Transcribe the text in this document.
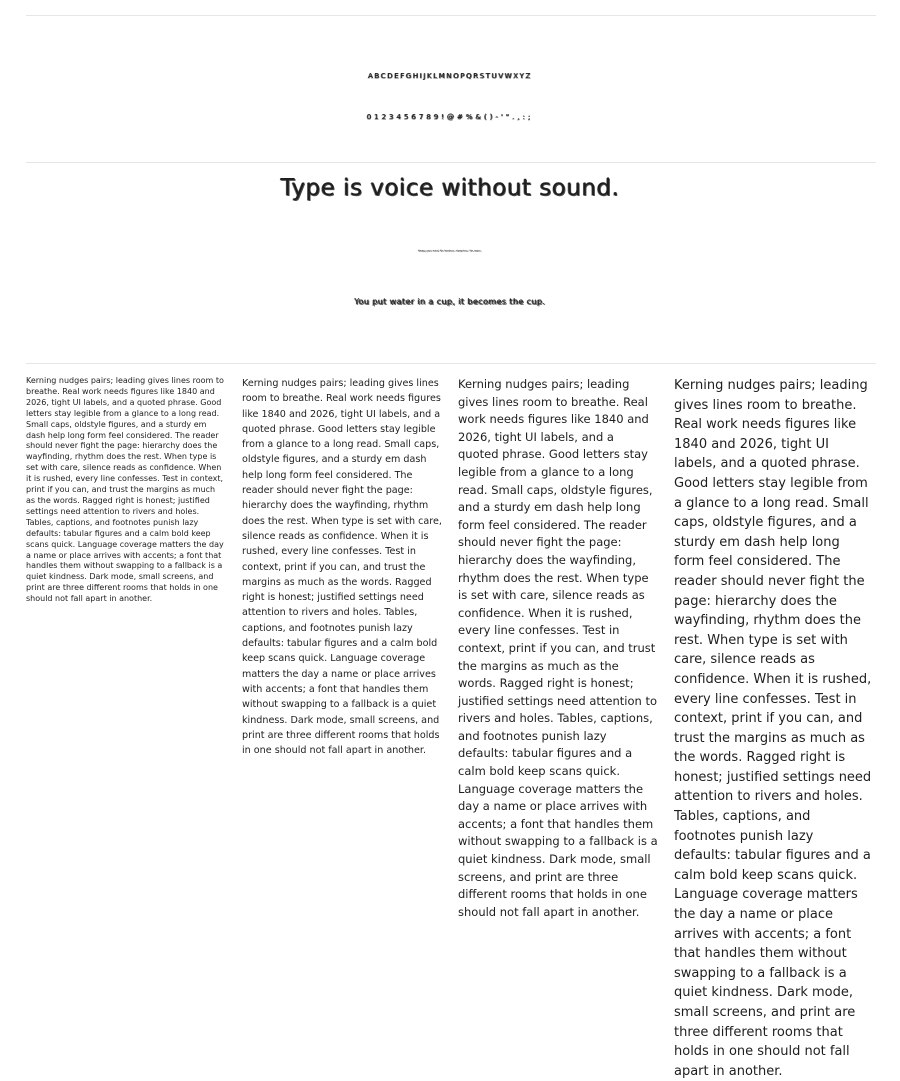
ABCDEFGHIJKLMNOPQRSTUVWXYZ
0123456789!@#%&()-'".,:;
Type is voice without sound.
Empty your mind. Be formless, shapeless, like water.
You put water in a cup, it becomes the cup.
Kerning nudges pairs; leading gives lines room to breathe. Real work needs figures like 1840 and 2026, tight UI labels, and a quoted phrase. Good letters stay legible from a glance to a long read. Small caps, oldstyle figures, and a sturdy em dash help long form feel considered. The reader should never fight the page: hierarchy does the wayfinding, rhythm does the rest. When type is set with care, silence reads as confidence. When it is rushed, every line confesses. Test in context, print if you can, and trust the margins as much as the words. Ragged right is honest; justified settings need attention to rivers and holes. Tables, captions, and footnotes punish lazy defaults: tabular figures and a calm bold keep scans quick. Language coverage matters the day a name or place arrives with accents; a font that handles them without swapping to a fallback is a quiet kindness. Dark mode, small screens, and print are three different rooms that holds in one should not fall apart in another.
Kerning nudges pairs; leading gives lines room to breathe. Real work needs figures like 1840 and 2026, tight UI labels, and a quoted phrase. Good letters stay legible from a glance to a long read. Small caps, oldstyle figures, and a sturdy em dash help long form feel considered. The reader should never fight the page: hierarchy does the wayfinding, rhythm does the rest. When type is set with care, silence reads as confidence. When it is rushed, every line confesses. Test in context, print if you can, and trust the margins as much as the words. Ragged right is honest; justified settings need attention to rivers and holes. Tables, captions, and footnotes punish lazy defaults: tabular figures and a calm bold keep scans quick. Language coverage matters the day a name or place arrives with accents; a font that handles them without swapping to a fallback is a quiet kindness. Dark mode, small screens, and print are three different rooms that holds in one should not fall apart in another.
Kerning nudges pairs; leading gives lines room to breathe. Real work needs figures like 1840 and 2026, tight UI labels, and a quoted phrase. Good letters stay legible from a glance to a long read. Small caps, oldstyle figures, and a sturdy em dash help long form feel considered. The reader should never fight the page: hierarchy does the wayfinding, rhythm does the rest. When type is set with care, silence reads as confidence. When it is rushed, every line confesses. Test in context, print if you can, and trust the margins as much as the words. Ragged right is honest; justified settings need attention to rivers and holes. Tables, captions, and footnotes punish lazy defaults: tabular figures and a calm bold keep scans quick. Language coverage matters the day a name or place arrives with accents; a font that handles them without swapping to a fallback is a quiet kindness. Dark mode, small screens, and print are three different rooms that holds in one should not fall apart in another.
Kerning nudges pairs; leading gives lines room to breathe. Real work needs figures like 1840 and 2026, tight UI labels, and a quoted phrase. Good letters stay legible from a glance to a long read. Small caps, oldstyle figures, and a sturdy em dash help long form feel considered. The reader should never fight the page: hierarchy does the wayfinding, rhythm does the rest. When type is set with care, silence reads as confidence. When it is rushed, every line confesses. Test in context, print if you can, and trust the margins as much as the words. Ragged right is honest; justified settings need attention to rivers and holes. Tables, captions, and footnotes punish lazy defaults: tabular figures and a calm bold keep scans quick. Language coverage matters the day a name or place arrives with accents; a font that handles them without swapping to a fallback is a quiet kindness. Dark mode, small screens, and print are three different rooms that holds in one should not fall apart in another.
